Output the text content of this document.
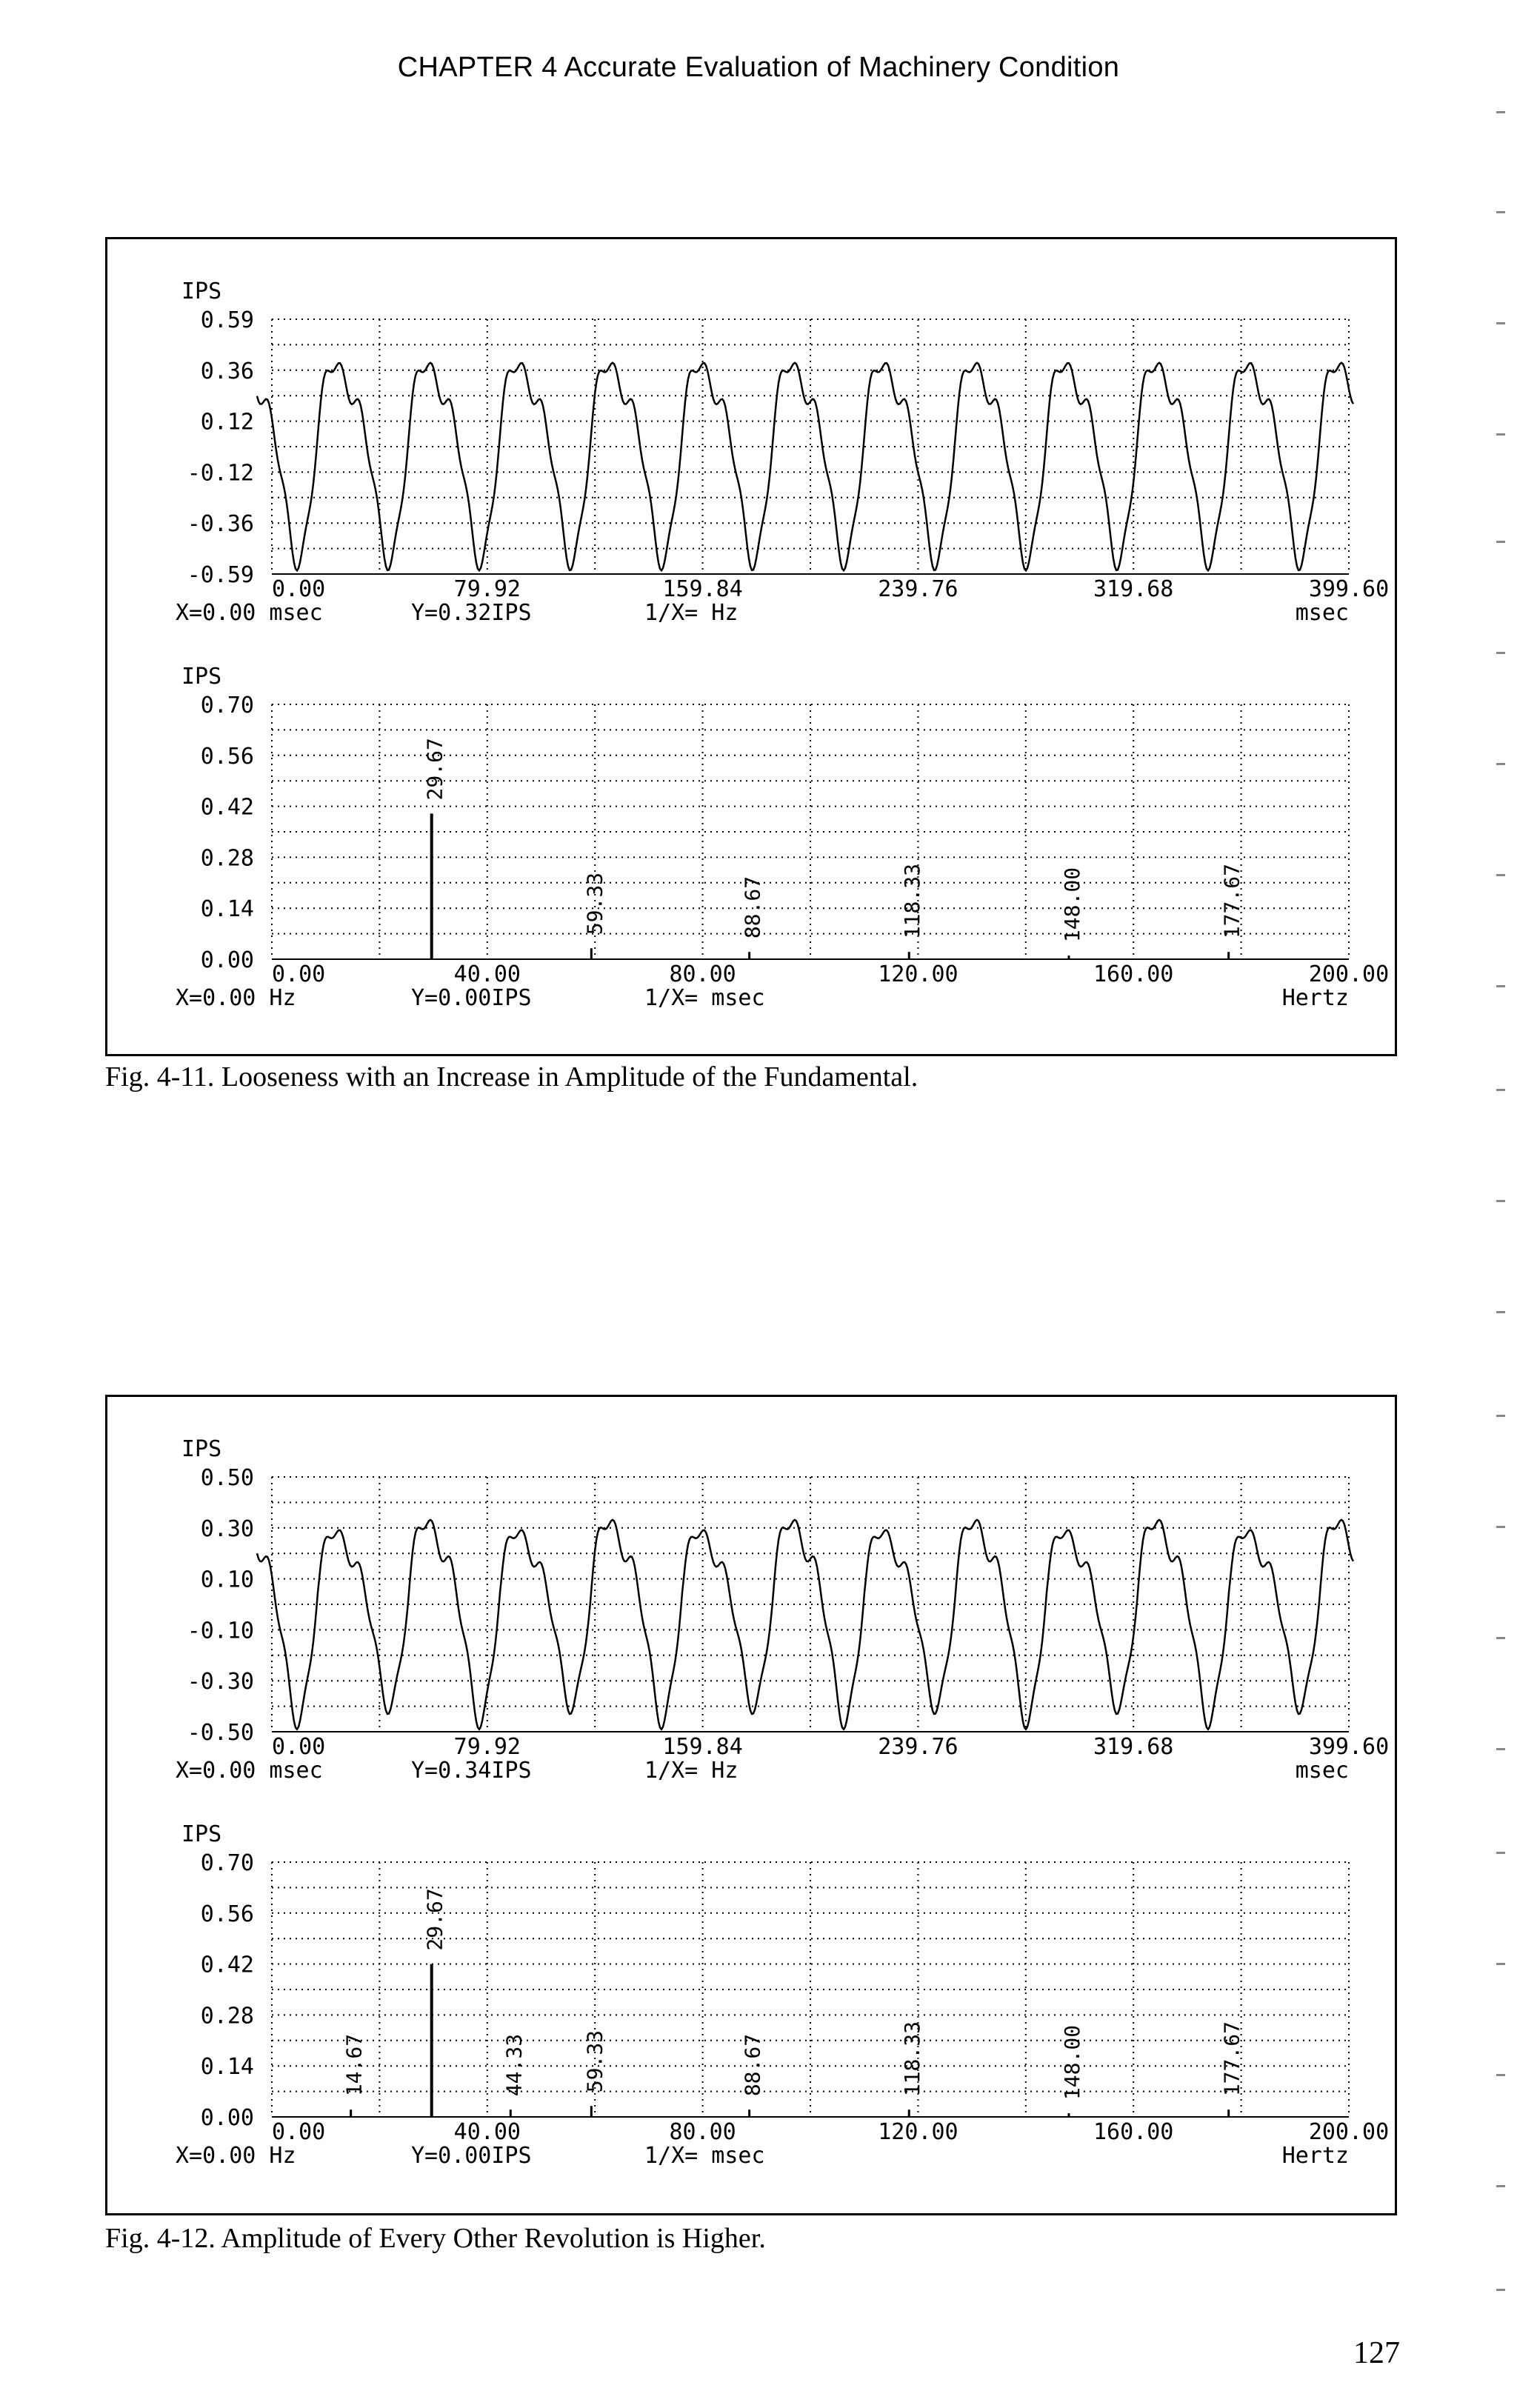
CHAPTER 4 Accurate Evaluation of Machinery Condition
IPS
0.59
0.36
0.12
-0.12
-0.36
-0.59
0.00	79.92	159.84	239.76	319.68	399.60
X=0.00 msec	Y=0.32IPS	1/X= Hz	msec
IPS
0.70
0.56
0.42
0.28
0.14
0.00
0.00	40.00	80.00	120.00	160.00	200.00
X=0.00 Hz	Y=0.00IPS	1/X= msec	Hertz
29.67
59.33	88.67	118.33	148.00	177.67
Fig. 4-11. Looseness with an Increase in Amplitude of the Fundamental.
IPS
0.50
0.30
0.10
-0.10
-0.30
-0.50
0.00	79.92	159.84	239.76	319.68	399.60
X=0.00 msec	Y=0.34IPS	1/X= Hz	msec
IPS
0.70
0.56
0.42
0.28
0.14
0.00
0.00	40.00	80.00	120.00	160.00	200.00
X=0.00 Hz	Y=0.00IPS	1/X= msec	Hertz
14.67
29.67
44.33	59.33	88.67	118.33	148.00	177.67
Fig. 4-12. Amplitude of Every Other Revolution is Higher.
127
